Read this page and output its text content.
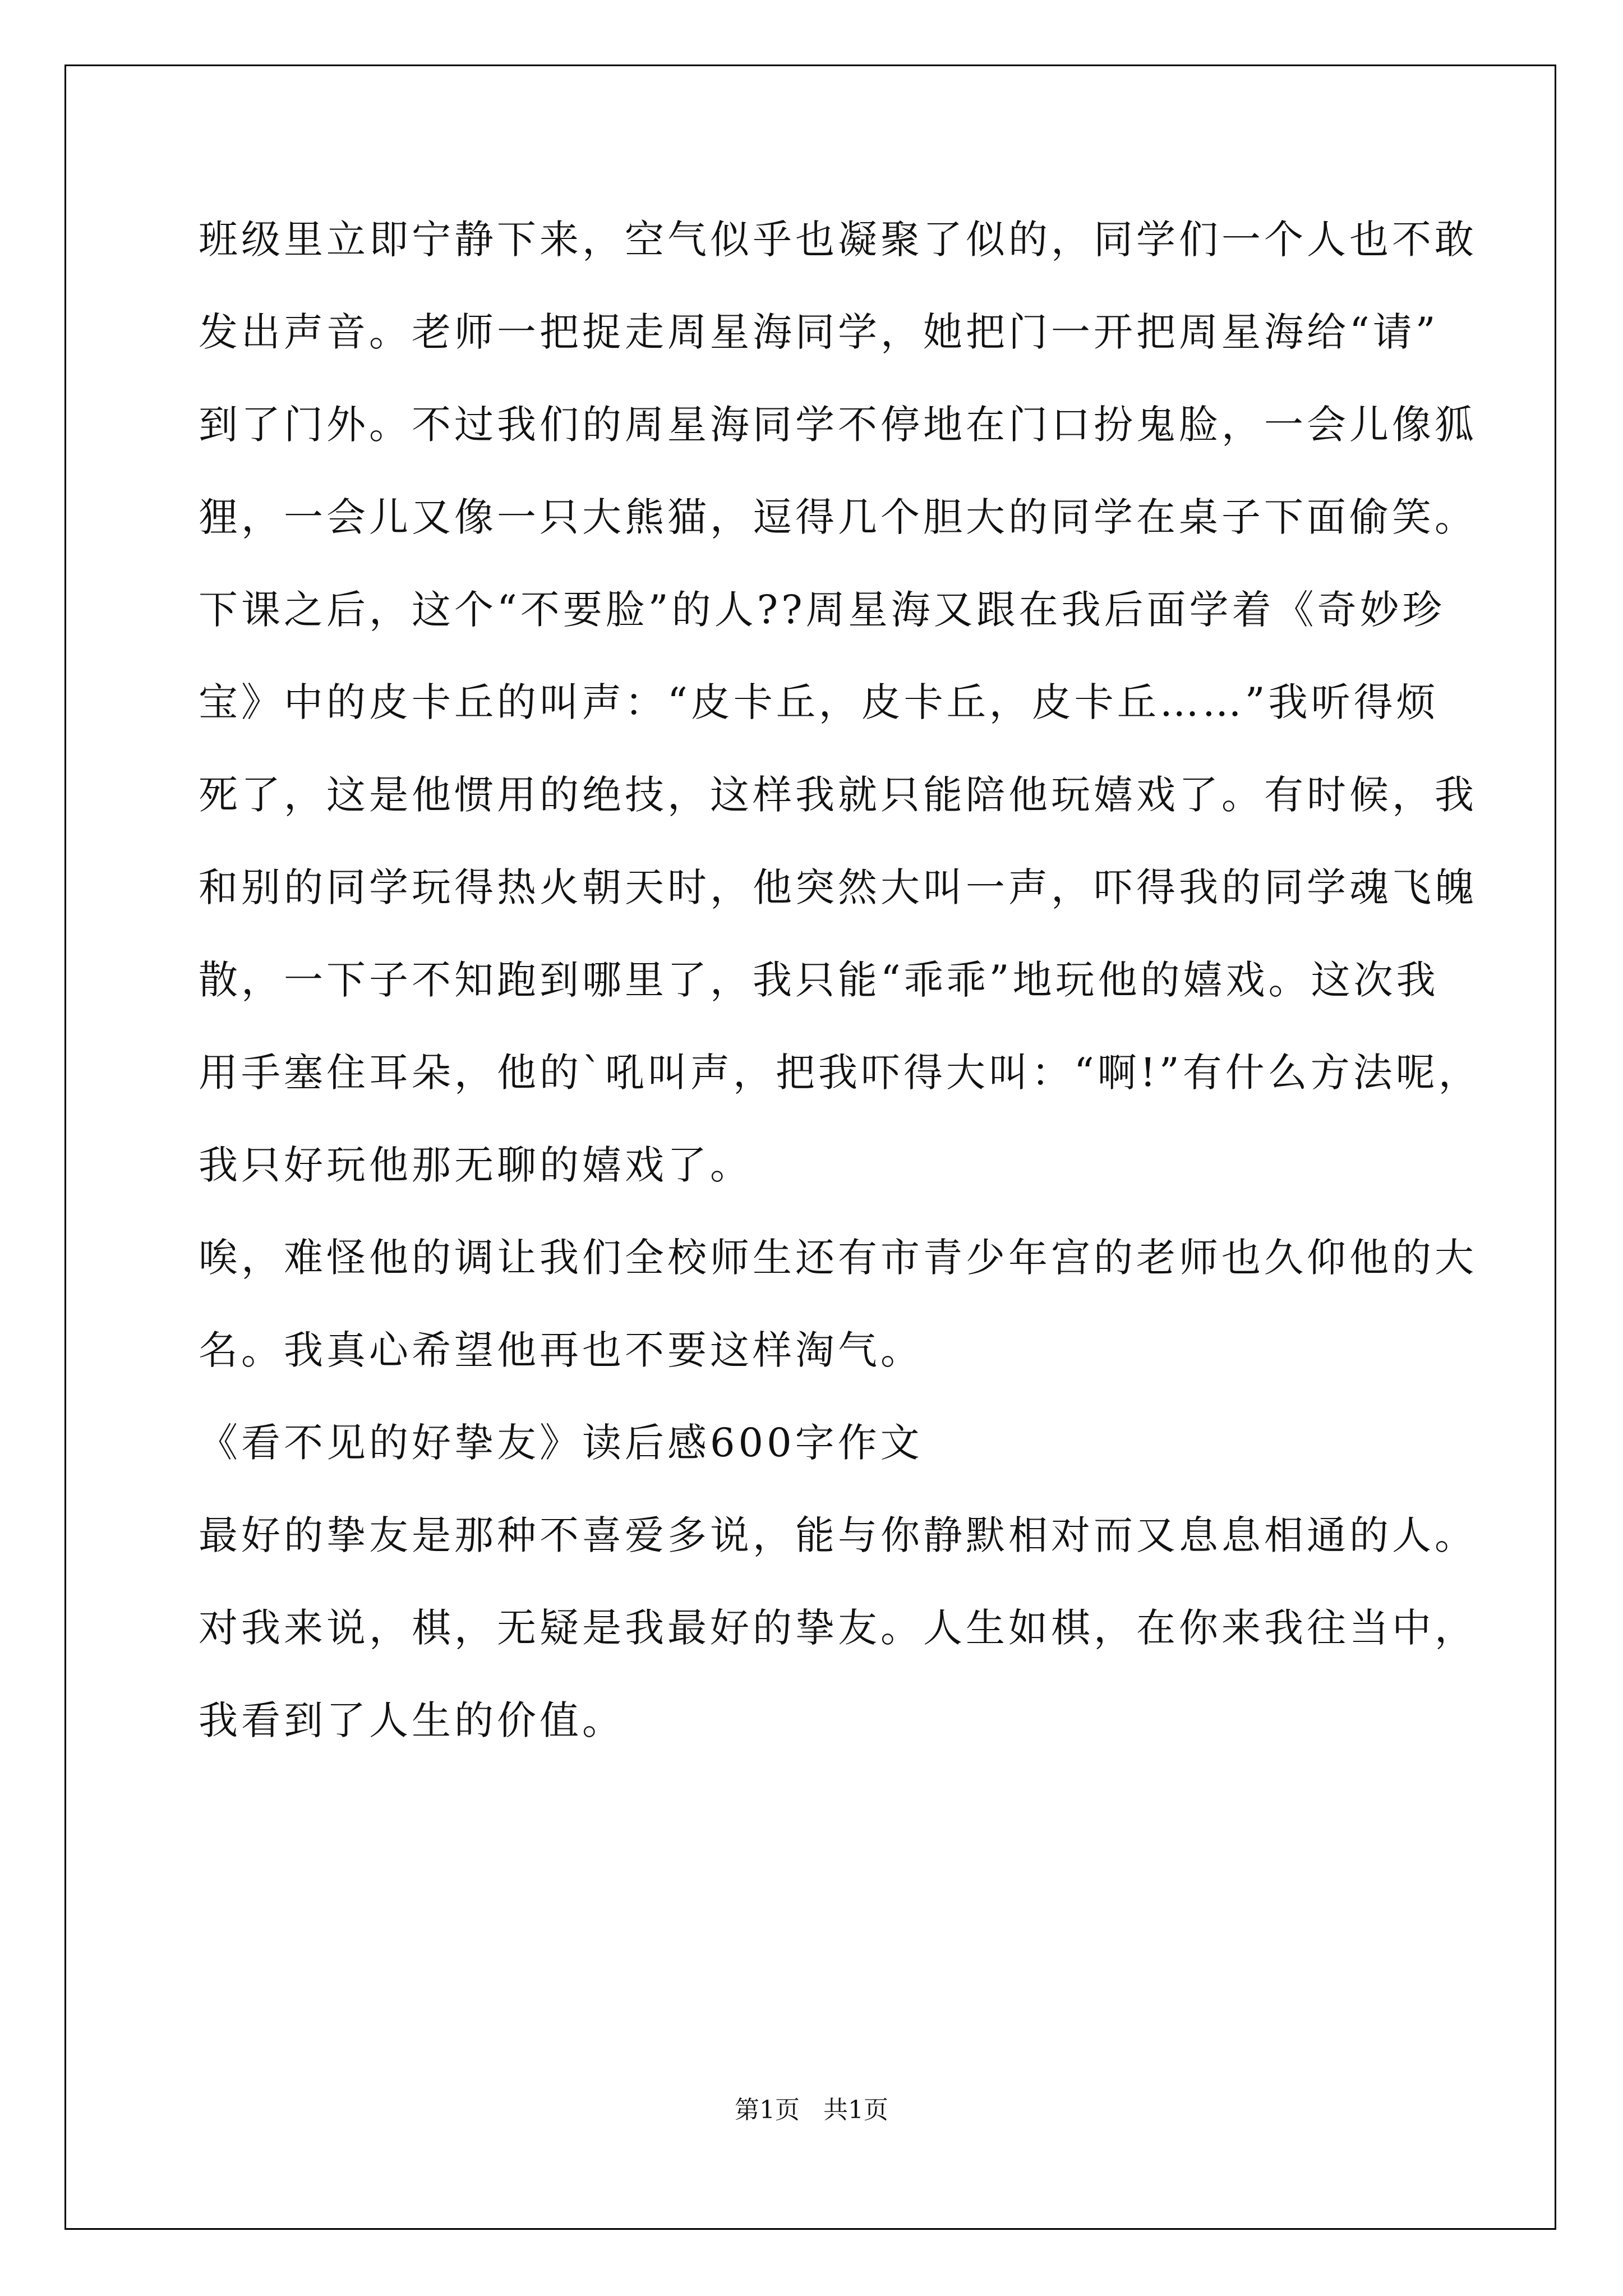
班级里立即宁静下来，空气似乎也凝聚了似的，同学们一个人也不敢
发出声音。老师一把捉走周星海同学，她把门一开把周星海给“请”
到了门外。不过我们的周星海同学不停地在门口扮鬼脸，一会儿像狐
狸，一会儿又像一只大熊猫，逗得几个胆大的同学在桌子下面偷笑。
下课之后，这个“不要脸”的人??周星海又跟在我后面学着《奇妙珍
宝》中的皮卡丘的叫声：“皮卡丘，皮卡丘，皮卡丘……”我听得烦
死了，这是他惯用的绝技，这样我就只能陪他玩嬉戏了。有时候，我
和别的同学玩得热火朝天时，他突然大叫一声，吓得我的同学魂飞魄
散，一下子不知跑到哪里了，我只能“乖乖”地玩他的嬉戏。这次我
用手塞住耳朵，他的`吼叫声，把我吓得大叫：“啊!”有什么方法呢，
我只好玩他那无聊的嬉戏了。
唉，难怪他的调让我们全校师生还有市青少年宫的老师也久仰他的大
名。我真心希望他再也不要这样淘气。
《看不见的好挚友》读后感600字作文
最好的挚友是那种不喜爱多说，能与你静默相对而又息息相通的人。
对我来说，棋，无疑是我最好的挚友。人生如棋，在你来我往当中，
我看到了人生的价值。
第1页   共1页
